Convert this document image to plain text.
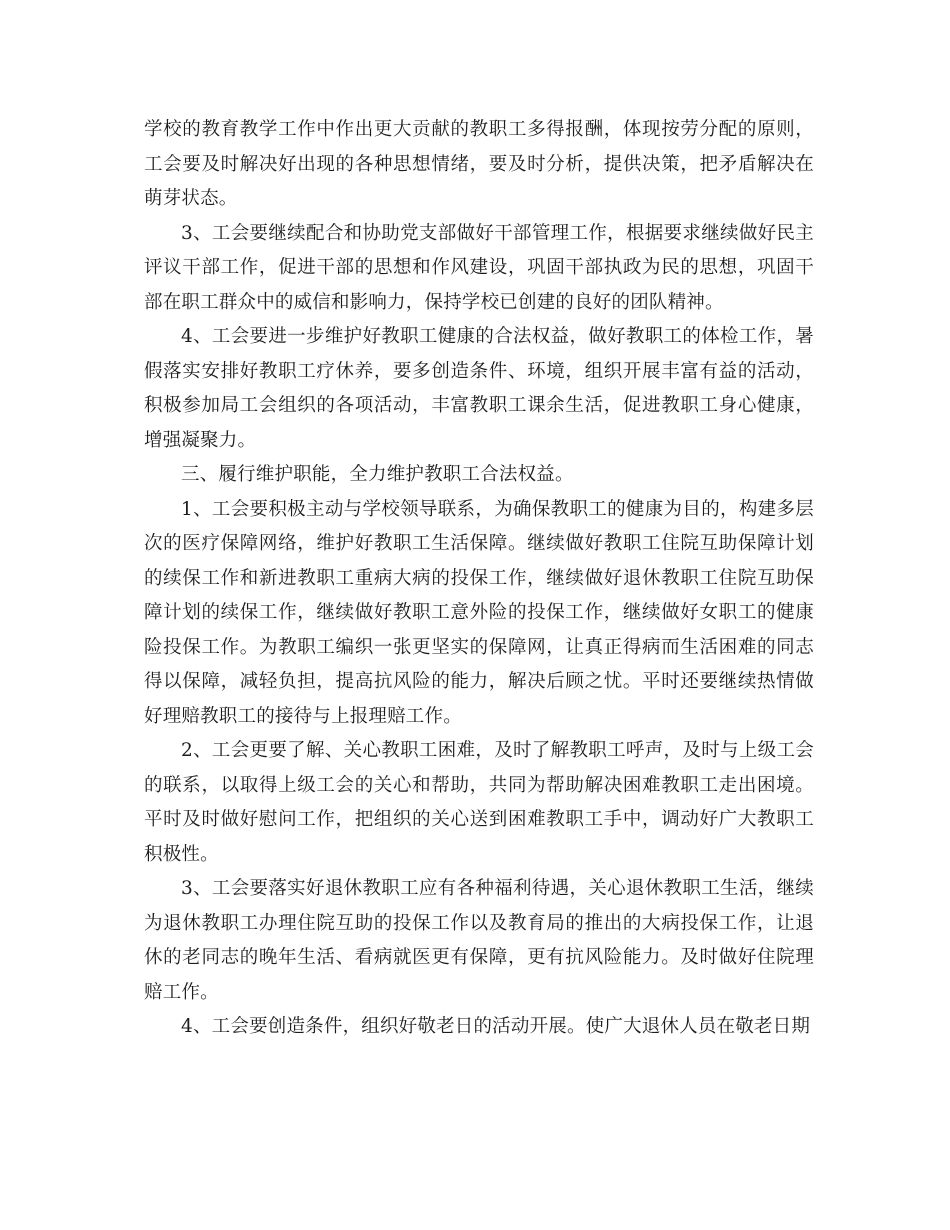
学校的教育教学工作中作出更大贡献的教职工多得报酬，体现按劳分配的原则，工会要及时解决好出现的各种思想情绪，要及时分析，提供决策，把矛盾解决在萌芽状态。

3、工会要继续配合和协助党支部做好干部管理工作，根据要求继续做好民主评议干部工作，促进干部的思想和作风建设，巩固干部执政为民的思想，巩固干部在职工群众中的威信和影响力，保持学校已创建的良好的团队精神。

4、工会要进一步维护好教职工健康的合法权益，做好教职工的体检工作，暑假落实安排好教职工疗休养，要多创造条件、环境，组织开展丰富有益的活动，积极参加局工会组织的各项活动，丰富教职工课余生活，促进教职工身心健康，增强凝聚力。

三、履行维护职能，全力维护教职工合法权益。

1、工会要积极主动与学校领导联系，为确保教职工的健康为目的，构建多层次的医疗保障网络，维护好教职工生活保障。继续做好教职工住院互助保障计划的续保工作和新进教职工重病大病的投保工作，继续做好退休教职工住院互助保障计划的续保工作，继续做好教职工意外险的投保工作，继续做好女职工的健康险投保工作。为教职工编织一张更坚实的保障网，让真正得病而生活困难的同志得以保障，减轻负担，提高抗风险的能力，解决后顾之忧。平时还要继续热情做好理赔教职工的接待与上报理赔工作。

2、工会更要了解、关心教职工困难，及时了解教职工呼声，及时与上级工会的联系，以取得上级工会的关心和帮助，共同为帮助解决困难教职工走出困境。平时及时做好慰问工作，把组织的关心送到困难教职工手中，调动好广大教职工积极性。

3、工会要落实好退休教职工应有各种福利待遇，关心退休教职工生活，继续为退休教职工办理住院互助的投保工作以及教育局的推出的大病投保工作，让退休的老同志的晚年生活、看病就医更有保障，更有抗风险能力。及时做好住院理赔工作。

4、工会要创造条件，组织好敬老日的活动开展。使广大退休人员在敬老日期
